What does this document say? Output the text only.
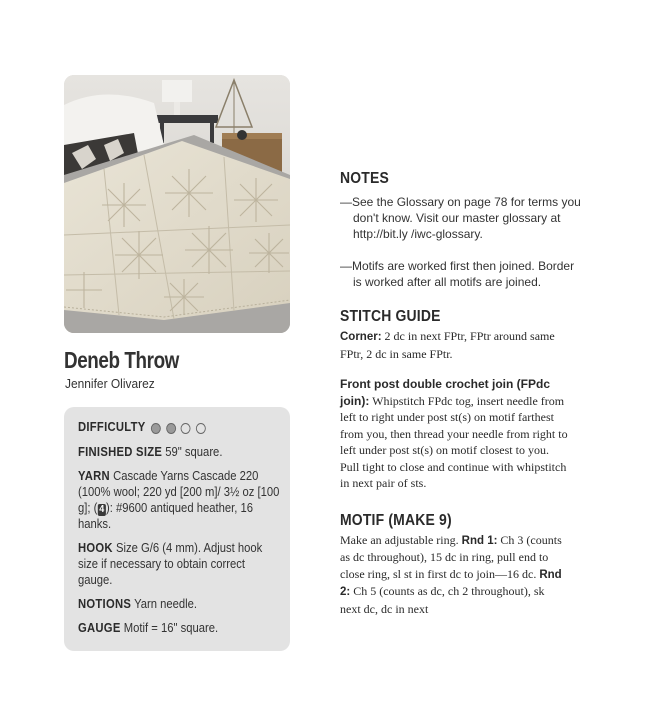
Deneb Throw
Jennifer Olivarez
DIFFICULTY
FINISHED SIZE 59" square.
YARN Cascade Yarns Cascade 220 (100% wool; 220 yd [200 m]/ 3½ oz [100 g]; ( 4 ): #9600 antiqued heather, 16 hanks.
HOOK Size G/6 (4 mm). Adjust hook size if necessary to obtain correct gauge.
NOTIONS Yarn needle.
GAUGE Motif = 16" square.
NOTES

—See the Glossary on page 78 for terms you don't know. Visit our master glossary at http://bit.ly /iwc-glossary.

—Motifs are worked first then joined. Border is worked after all motifs are joined.

STITCH GUIDE

Corner: 2 dc in next FPtr, FPtr around same FPtr, 2 dc in same FPtr.

Front post double crochet join (FPdc join): Whipstitch FPdc tog, insert needle from left to right under post st(s) on motif farthest from you, then thread your needle from right to left under post st(s) on motif closest to you. Pull tight to close and continue with whipstitch in next pair of sts.

MOTIF (MAKE 9)

Make an adjustable ring. Rnd 1: Ch 3 (counts as dc throughout), 15 dc in ring, pull end to close ring, sl st in first dc to join—16 dc. Rnd 2: Ch 5 (counts as dc, ch 2 throughout), sk next dc, dc in next
